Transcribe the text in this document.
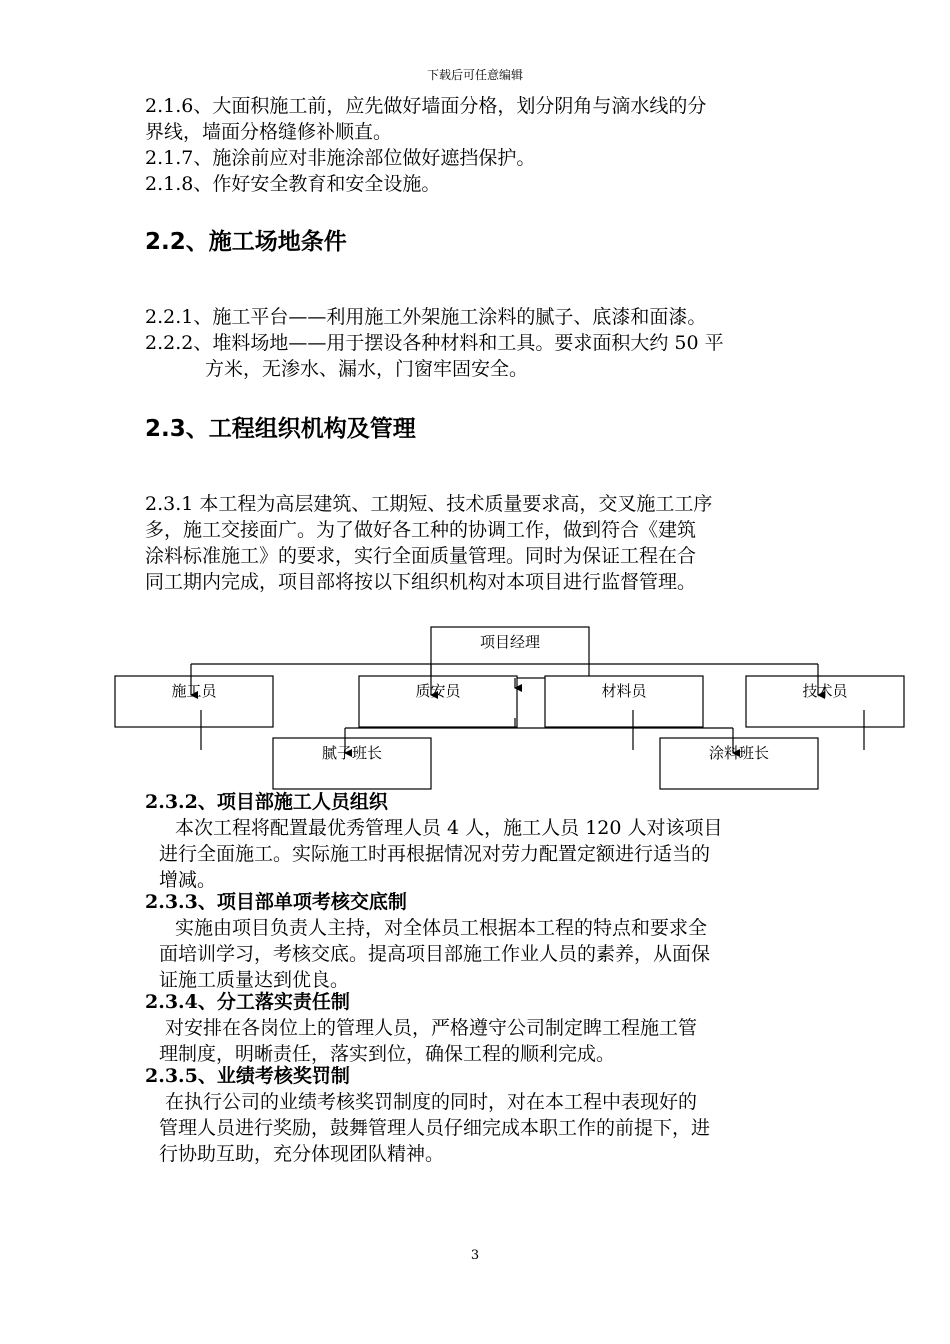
下载后可任意编辑
2.1.6、大面积施工前，应先做好墙面分格，划分阴角与滴水线的分
界线，墙面分格缝修补顺直。
2.1.7、施涂前应对非施涂部位做好遮挡保护。
2.1.8、作好安全教育和安全设施。
2.2、施工场地条件
2.2.1、施工平台——利用施工外架施工涂料的腻子、底漆和面漆。
2.2.2、堆料场地——用于摆设各种材料和工具。要求面积大约 50 平
方米，无渗水、漏水，门窗牢固安全。
2.3、工程组织机构及管理
2.3.1 本工程为高层建筑、工期短、技术质量要求高，交叉施工工序
多，施工交接面广。为了做好各工种的协调工作，做到符合《建筑
涂料标准施工》的要求，实行全面质量管理。同时为保证工程在合
同工期内完成，项目部将按以下组织机构对本项目进行监督管理。
项目经理
施工员	质安员	材料员	技术员
腻子班长	涂料班长
2.3.2、项目部施工人员组织
本次工程将配置最优秀管理人员 4 人，施工人员 120 人对该项目
进行全面施工。实际施工时再根据情况对劳力配置定额进行适当的
增减。
2.3.3、项目部单项考核交底制
实施由项目负责人主持，对全体员工根据本工程的特点和要求全
面培训学习，考核交底。提高项目部施工作业人员的素养，从面保
证施工质量达到优良。
2.3.4、分工落实责任制
对安排在各岗位上的管理人员，严格遵守公司制定睥工程施工管
理制度，明晰责任，落实到位，确保工程的顺利完成。
2.3.5、业绩考核奖罚制
在执行公司的业绩考核奖罚制度的同时，对在本工程中表现好的
管理人员进行奖励，鼓舞管理人员仔细完成本职工作的前提下，进
行协助互助，充分体现团队精神。
3
